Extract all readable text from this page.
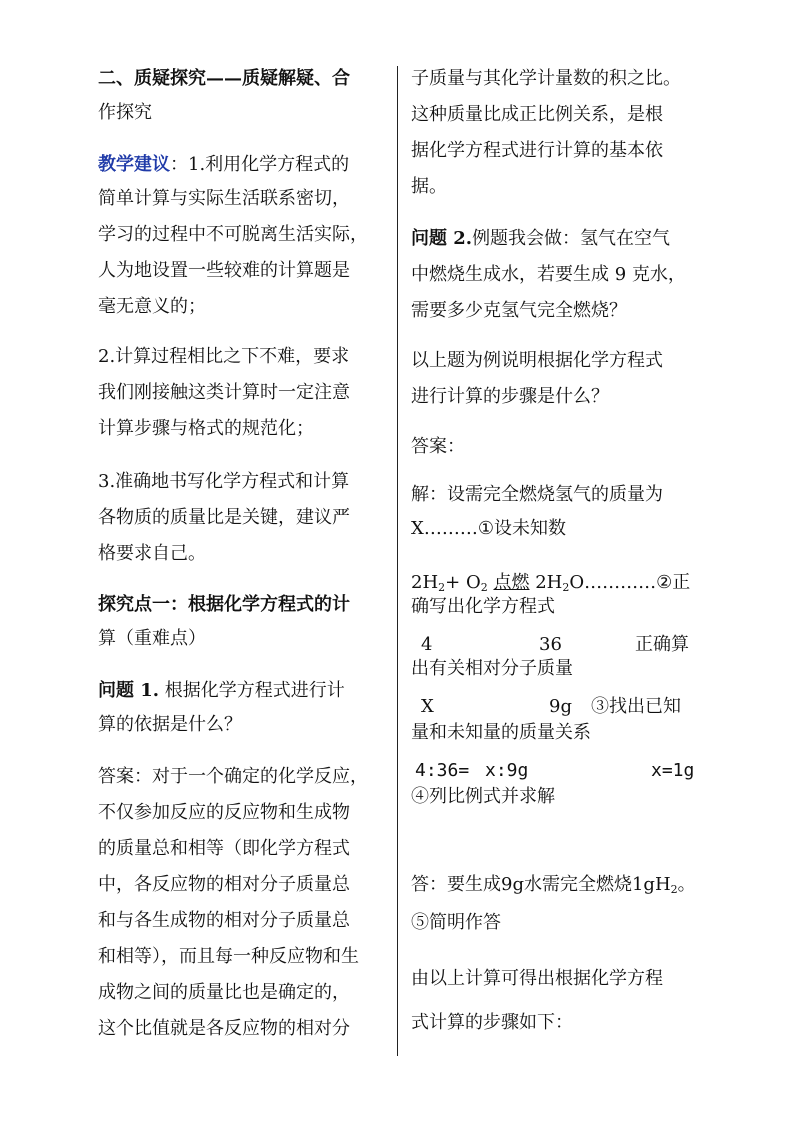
二、质疑探究——质疑解疑、合
作探究
教学建议：1.利用化学方程式的
简单计算与实际生活联系密切，
学习的过程中不可脱离生活实际，
人为地设置一些较难的计算题是
毫无意义的；
2.计算过程相比之下不难，要求
我们刚接触这类计算时一定注意
计算步骤与格式的规范化；
3.准确地书写化学方程式和计算
各物质的质量比是关键，建议严
格要求自己。
探究点一：根据化学方程式的计
算（重难点）
问题 1. 根据化学方程式进行计
算的依据是什么？
答案：对于一个确定的化学反应，
不仅参加反应的反应物和生成物
的质量总和相等（即化学方程式
中，各反应物的相对分子质量总
和与各生成物的相对分子质量总
和相等），而且每一种反应物和生
成物之间的质量比也是确定的，
这个比值就是各反应物的相对分
子质量与其化学计量数的积之比。
这种质量比成正比例关系，是根
据化学方程式进行计算的基本依
据。
问题 2.例题我会做：氢气在空气
中燃烧生成水，若要生成 9 克水，
需要多少克氢气完全燃烧？
以上题为例说明根据化学方程式
进行计算的步骤是什么？
答案：
解：设需完全燃烧氢气的质量为
X………①设未知数
$2H_2+ O_2$ 点燃 $2H_2O\dots\dots\dots\dots ②$正
确写出化学方程式
4	36	正确算
出有关相对分子质量
X	9g ③找出已知
量和未知量的质量关系
4:36= x:9g	x=1g
④列比例式并求解
答：要生成9g水需完全燃烧$1gH_2$。
⑤简明作答
由以上计算可得出根据化学方程
式计算的步骤如下：
